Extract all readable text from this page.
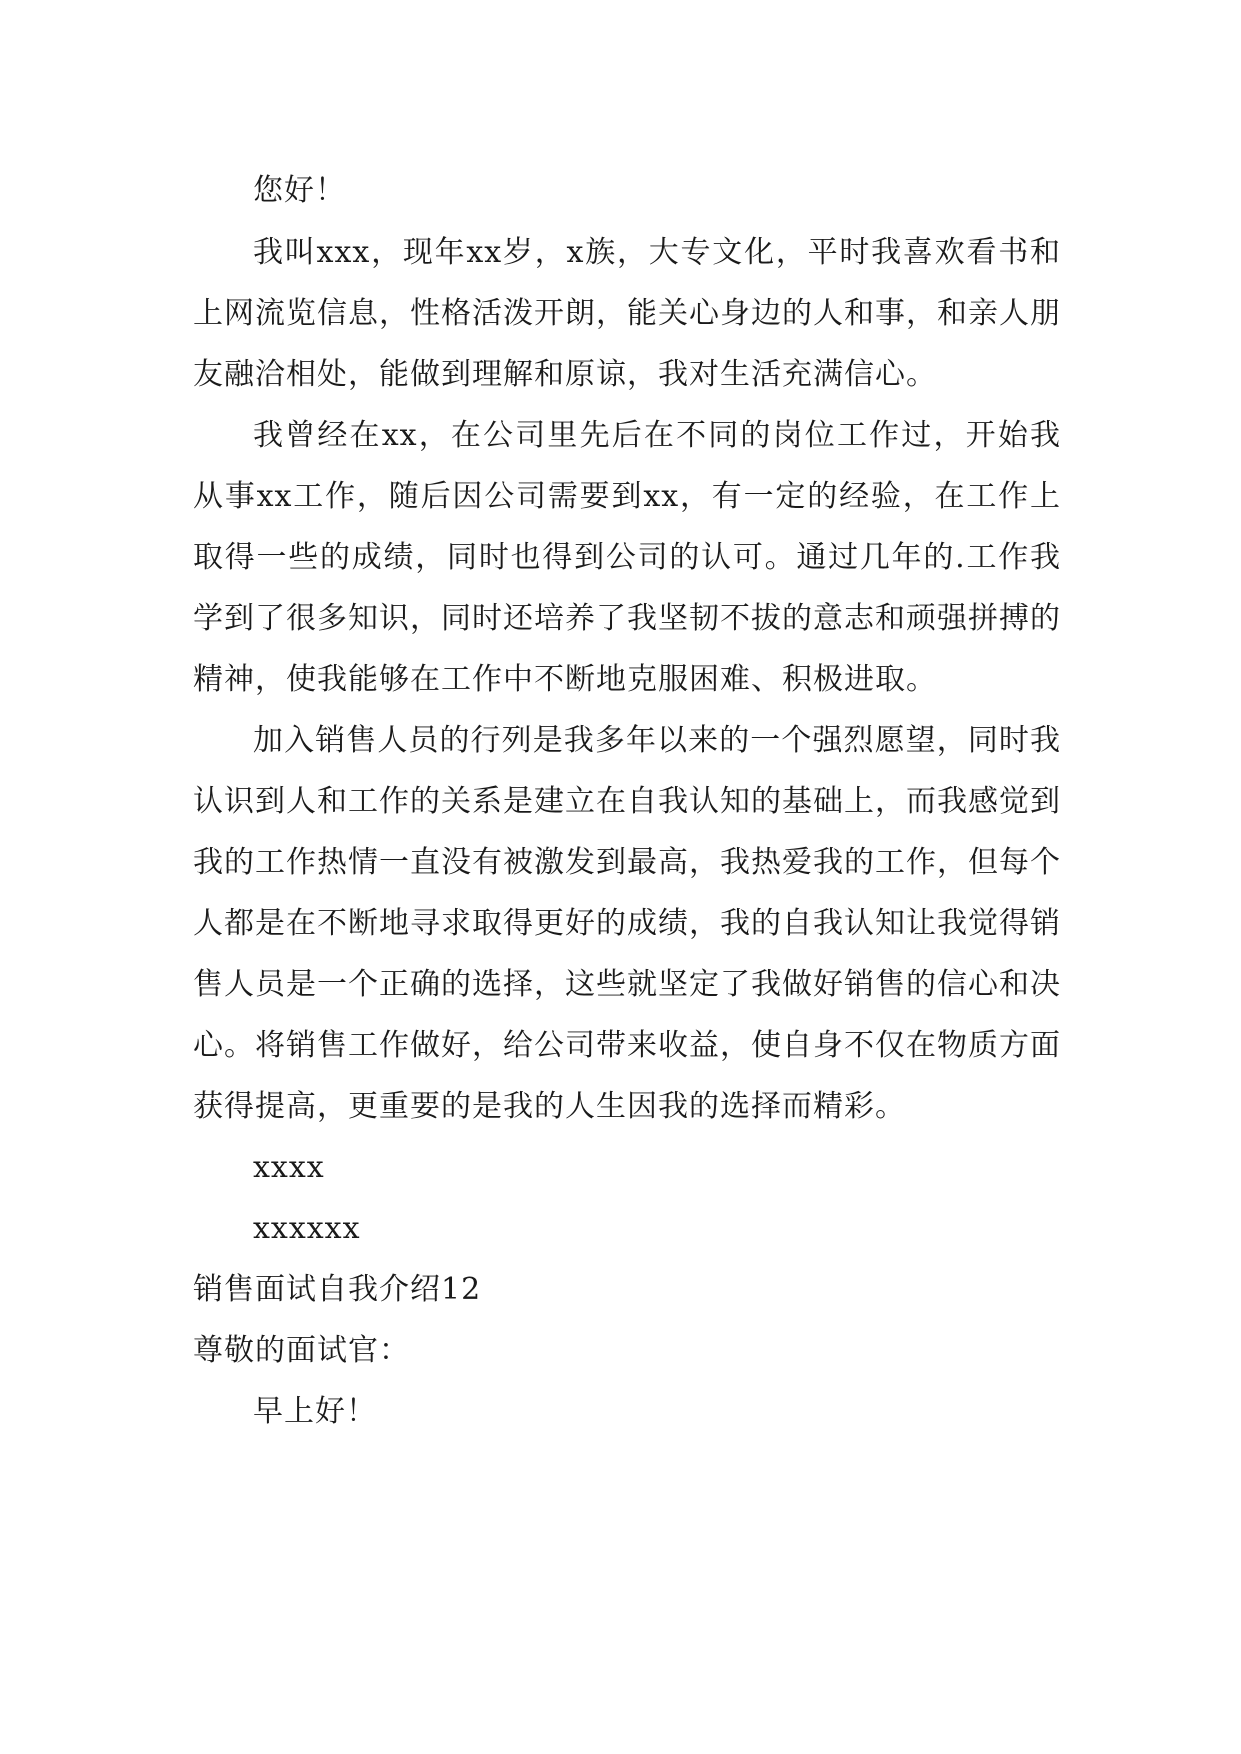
您好！

我叫xxx，现年xx岁，x族，大专文化，平时我喜欢看书和上网流览信息，性格活泼开朗，能关心身边的人和事，和亲人朋友融洽相处，能做到理解和原谅，我对生活充满信心。

我曾经在xx，在公司里先后在不同的岗位工作过，开始我从事xx工作，随后因公司需要到xx，有一定的经验，在工作上取得一些的成绩，同时也得到公司的认可。通过几年的.工作我学到了很多知识，同时还培养了我坚韧不拔的意志和顽强拼搏的精神，使我能够在工作中不断地克服困难、积极进取。

加入销售人员的行列是我多年以来的一个强烈愿望，同时我认识到人和工作的关系是建立在自我认知的基础上，而我感觉到我的工作热情一直没有被激发到最高，我热爱我的工作，但每个人都是在不断地寻求取得更好的成绩，我的自我认知让我觉得销售人员是一个正确的选择，这些就坚定了我做好销售的信心和决心。将销售工作做好，给公司带来收益，使自身不仅在物质方面获得提高，更重要的是我的人生因我的选择而精彩。

xxxx

xxxxxx

销售面试自我介绍12

尊敬的面试官：

早上好！
